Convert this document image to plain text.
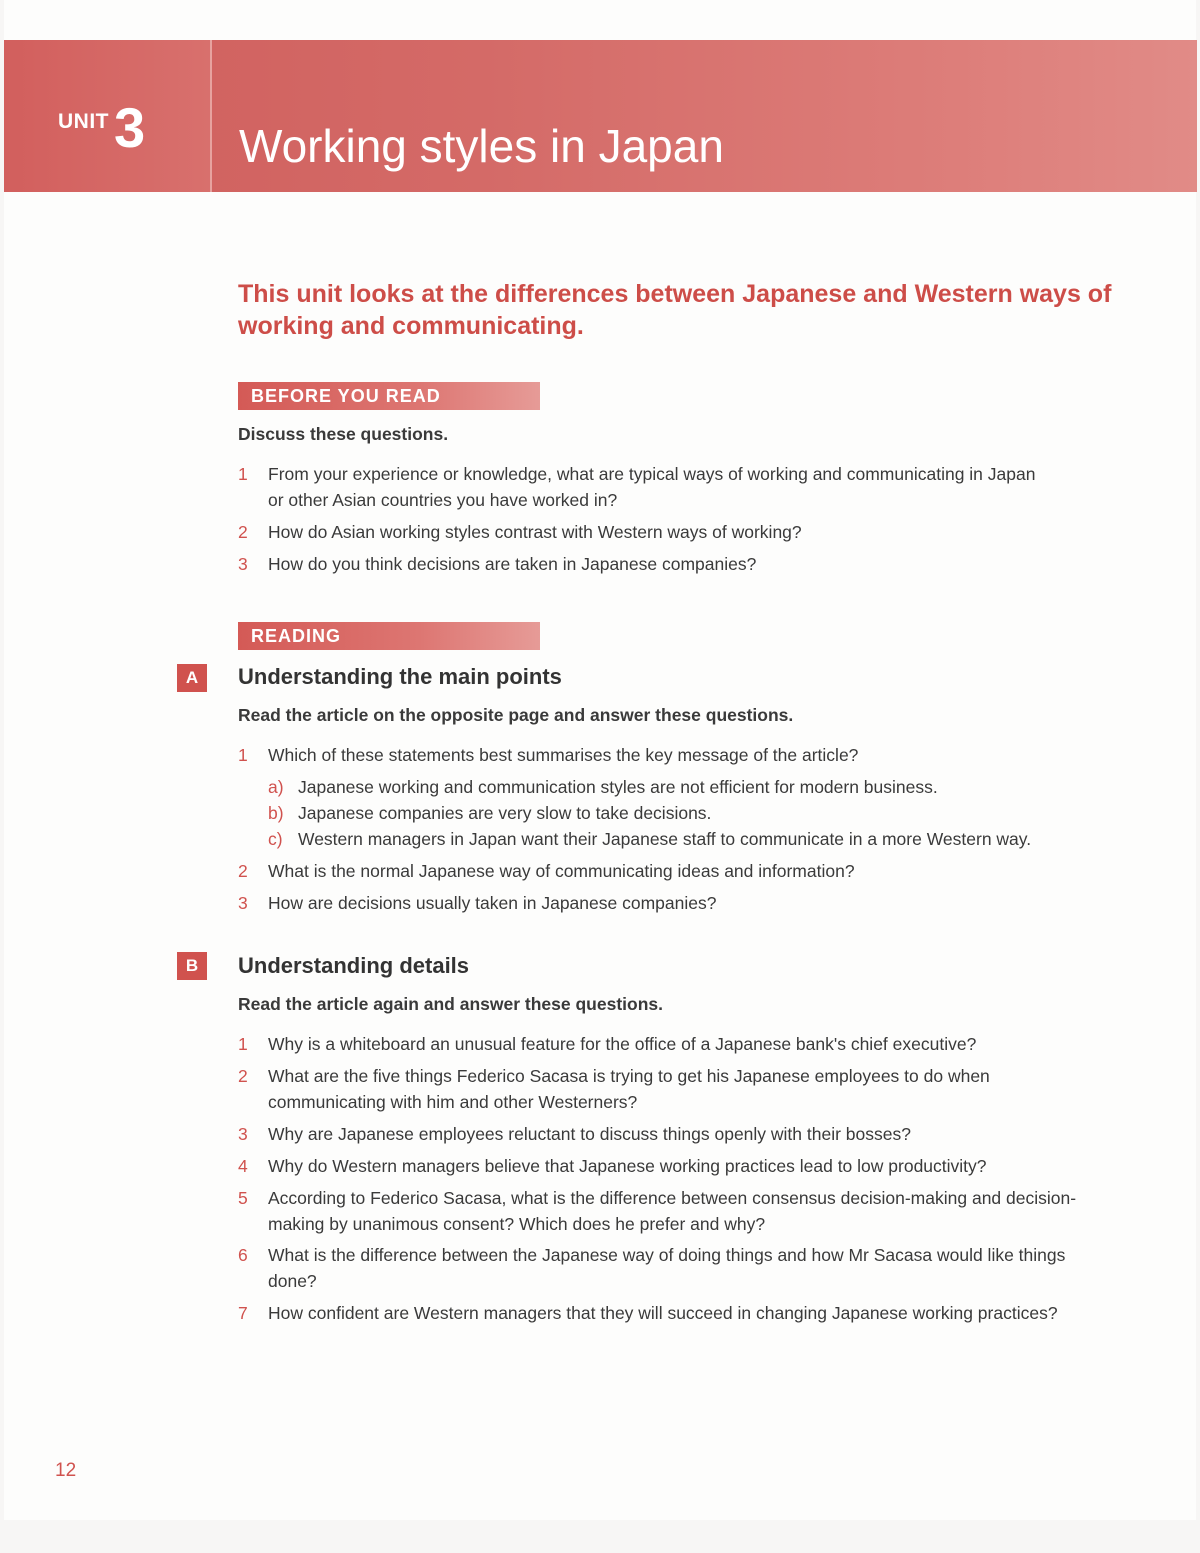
UNIT 3 Working styles in Japan
This unit looks at the differences between Japanese and Western ways of working and communicating.
BEFORE YOU READ
Discuss these questions.
1 From your experience or knowledge, what are typical ways of working and communicating in Japan or other Asian countries you have worked in?
2 How do Asian working styles contrast with Western ways of working?
3 How do you think decisions are taken in Japanese companies?
READING
A	Understanding the main points
Read the article on the opposite page and answer these questions.
1 Which of these statements best summarises the key message of the article?
a) Japanese working and communication styles are not efficient for modern business.
b) Japanese companies are very slow to take decisions.
c) Western managers in Japan want their Japanese staff to communicate in a more Western way.
2 What is the normal Japanese way of communicating ideas and information?
3 How are decisions usually taken in Japanese companies?
B	Understanding details
Read the article again and answer these questions.
1 Why is a whiteboard an unusual feature for the office of a Japanese bank's chief executive?
2 What are the five things Federico Sacasa is trying to get his Japanese employees to do when communicating with him and other Westerners?
3 Why are Japanese employees reluctant to discuss things openly with their bosses?
4 Why do Western managers believe that Japanese working practices lead to low productivity?
5 According to Federico Sacasa, what is the difference between consensus decision-making and decision-making by unanimous consent? Which does he prefer and why?
6 What is the difference between the Japanese way of doing things and how Mr Sacasa would like things done?
7 How confident are Western managers that they will succeed in changing Japanese working practices?
12
